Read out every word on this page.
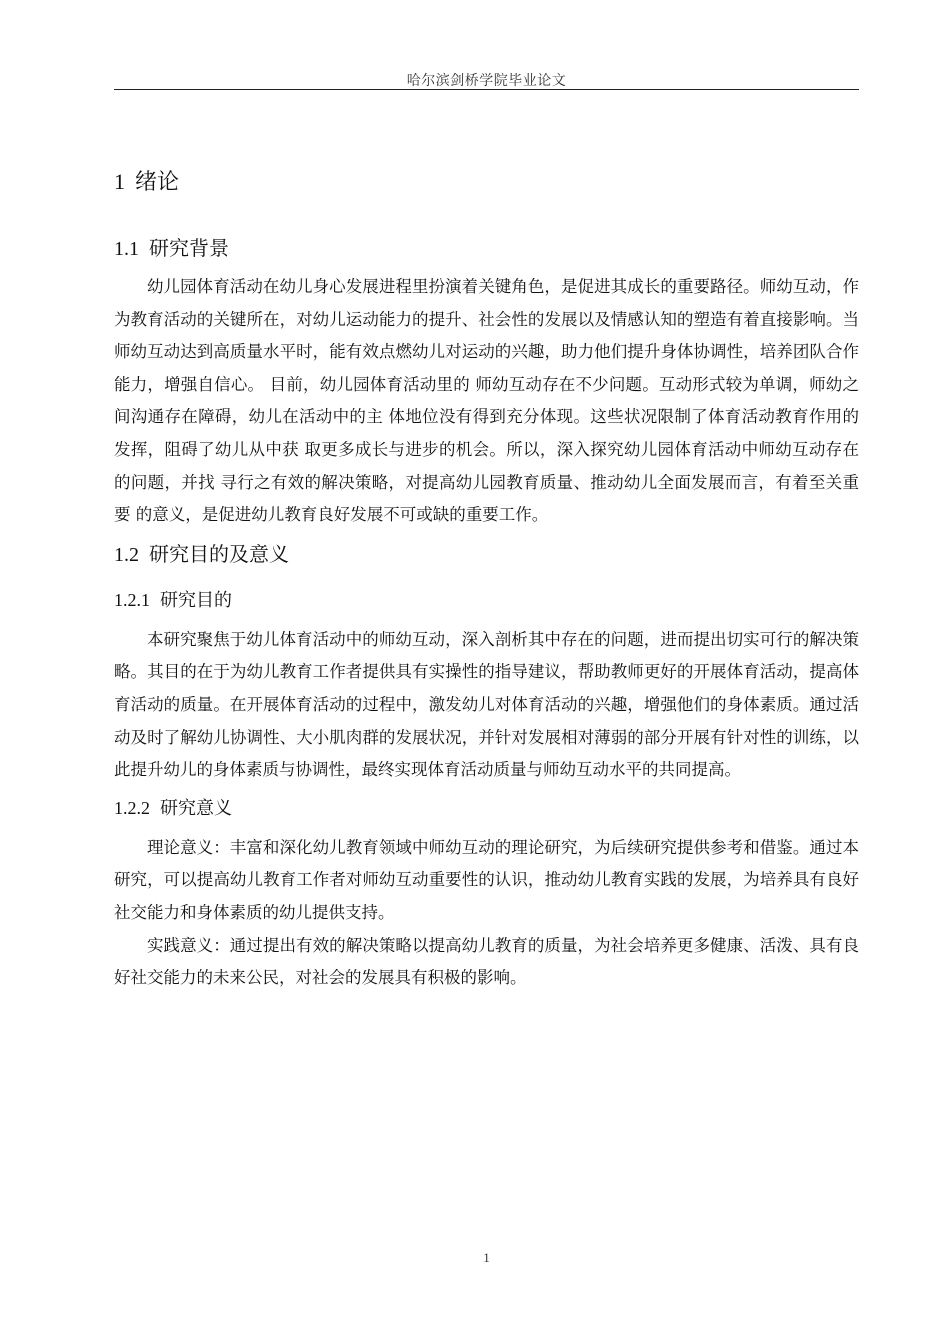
哈尔滨剑桥学院毕业论文
1 绪论
1.1 研究背景

幼儿园体育活动在幼儿身心发展进程里扮演着关键角色，是促进其成长的重要路径。师幼互动，作为教育活动的关键所在，对幼儿运动能力的提升、社会性的发展以及情感认知的塑造有着直接影响。当师幼互动达到高质量水平时，能有效点燃幼儿对运动的兴趣，助力他们提升身体协调性，培养团队合作能力，增强自信心。 目前，幼儿园体育活动里的 师幼互动存在不少问题。互动形式较为单调，师幼之间沟通存在障碍，幼儿在活动中的主 体地位没有得到充分体现。这些状况限制了体育活动教育作用的发挥，阻碍了幼儿从中获 取更多成长与进步的机会。所以，深入探究幼儿园体育活动中师幼互动存在的问题，并找 寻行之有效的解决策略，对提高幼儿园教育质量、推动幼儿全面发展而言，有着至关重要 的意义，是促进幼儿教育良好发展不可或缺的重要工作。

1.2 研究目的及意义
1.2.1 研究目的

本研究聚焦于幼儿体育活动中的师幼互动，深入剖析其中存在的问题，进而提出切实可行的解决策略。其目的在于为幼儿教育工作者提供具有实操性的指导建议，帮助教师更好的开展体育活动，提高体育活动的质量。在开展体育活动的过程中，激发幼儿对体育活动的兴趣，增强他们的身体素质。通过活动及时了解幼儿协调性、大小肌肉群的发展状况，并针对发展相对薄弱的部分开展有针对性的训练，以此提升幼儿的身体素质与协调性，最终实现体育活动质量与师幼互动水平的共同提高。

1.2.2 研究意义

理论意义：丰富和深化幼儿教育领域中师幼互动的理论研究，为后续研究提供参考和借鉴。通过本研究，可以提高幼儿教育工作者对师幼互动重要性的认识，推动幼儿教育实践的发展，为培养具有良好社交能力和身体素质的幼儿提供支持。

实践意义：通过提出有效的解决策略以提高幼儿教育的质量，为社会培养更多健康、活泼、具有良好社交能力的未来公民，对社会的发展具有积极的影响。

1
